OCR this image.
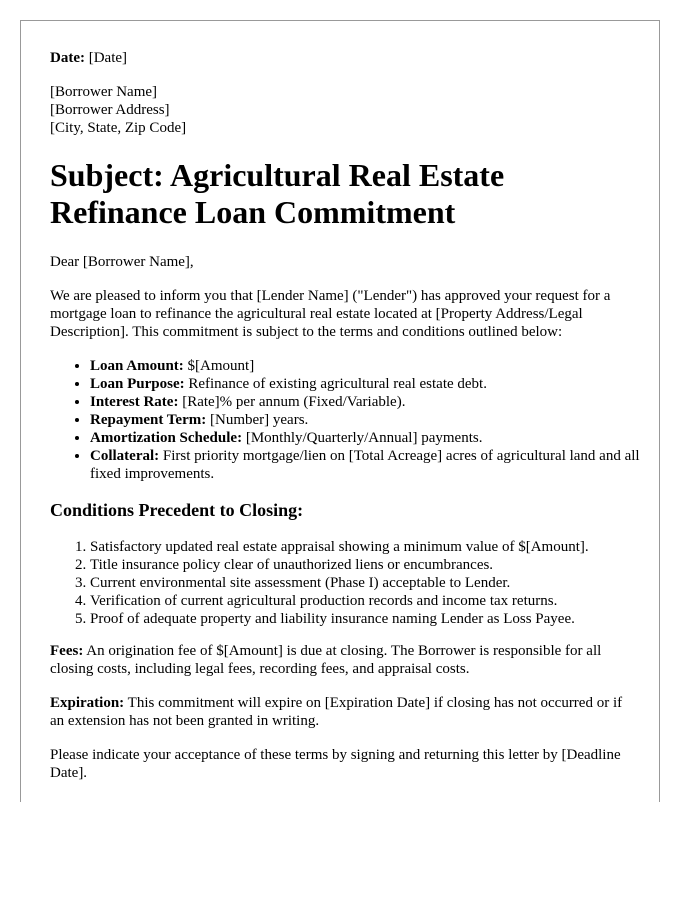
Date: [Date]

[Borrower Name]
[Borrower Address]
[City, State, Zip Code]
Subject: Agricultural Real Estate Refinance Loan Commitment

Dear [Borrower Name],

We are pleased to inform you that [Lender Name] ("Lender") has approved your request for a mortgage loan to refinance the agricultural real estate located at [Property Address/Legal Description]. This commitment is subject to the terms and conditions outlined below:

• Loan Amount: $[Amount]
• Loan Purpose: Refinance of existing agricultural real estate debt.
• Interest Rate: [Rate]% per annum (Fixed/Variable).
• Repayment Term: [Number] years.
• Amortization Schedule: [Monthly/Quarterly/Annual] payments.
• Collateral: First priority mortgage/lien on [Total Acreage] acres of agricultural land and all fixed improvements.
Conditions Precedent to Closing:
1. Satisfactory updated real estate appraisal showing a minimum value of $[Amount].
2. Title insurance policy clear of unauthorized liens or encumbrances.
3. Current environmental site assessment (Phase I) acceptable to Lender.
4. Verification of current agricultural production records and income tax returns.
5. Proof of adequate property and liability insurance naming Lender as Loss Payee.

Fees: An origination fee of $[Amount] is due at closing. The Borrower is responsible for all closing costs, including legal fees, recording fees, and appraisal costs.

Expiration: This commitment will expire on [Expiration Date] if closing has not occurred or if an extension has not been granted in writing.

Please indicate your acceptance of these terms by signing and returning this letter by [Deadline Date].
